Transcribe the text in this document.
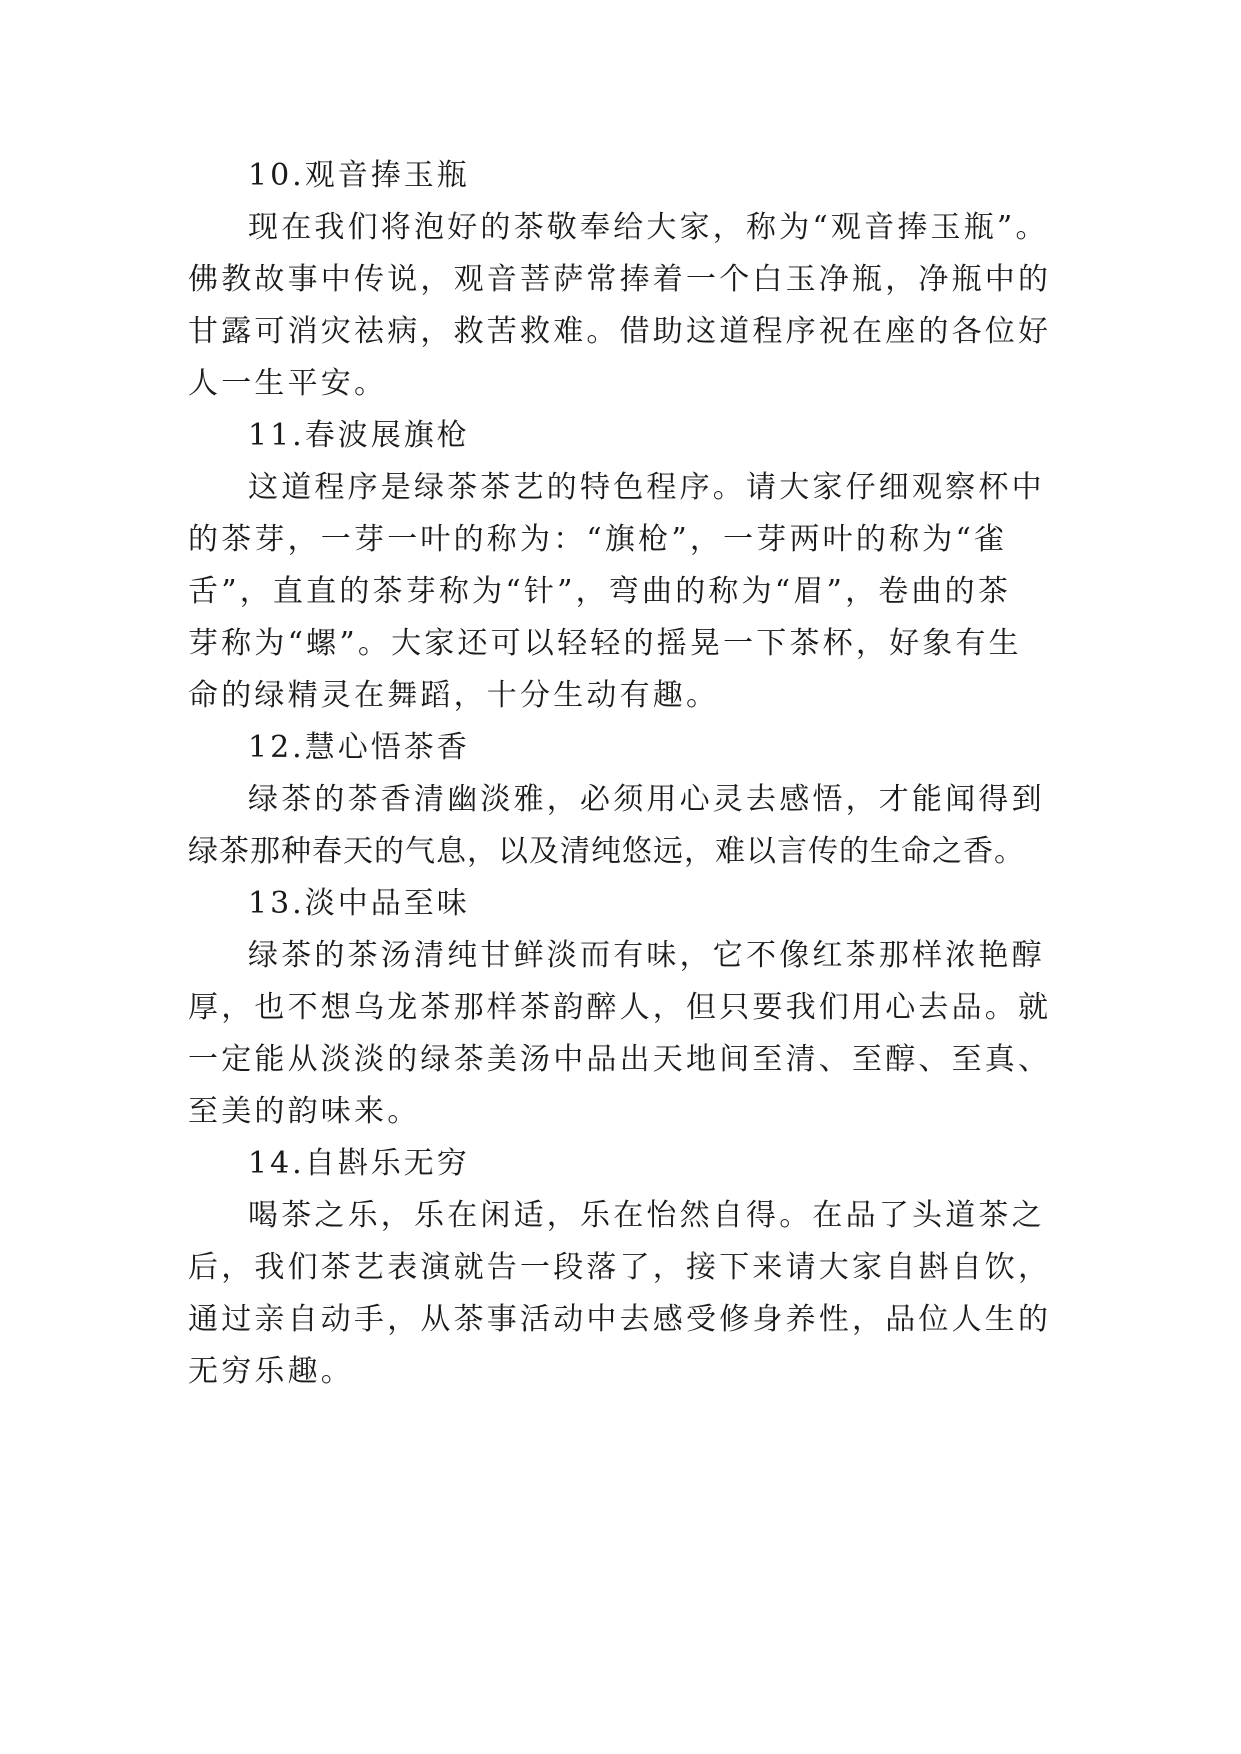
10.观音捧玉瓶
现在我们将泡好的茶敬奉给大家，称为“观音捧玉瓶”。
佛教故事中传说，观音菩萨常捧着一个白玉净瓶，净瓶中的
甘露可消灾祛病，救苦救难。借助这道程序祝在座的各位好
人一生平安。
11.春波展旗枪
这道程序是绿茶茶艺的特色程序。请大家仔细观察杯中
的茶芽，一芽一叶的称为：“旗枪”，一芽两叶的称为“雀
舌”，直直的茶芽称为“针”，弯曲的称为“眉”，卷曲的茶
芽称为“螺”。大家还可以轻轻的摇晃一下茶杯，好象有生
命的绿精灵在舞蹈，十分生动有趣。
12.慧心悟茶香
绿茶的茶香清幽淡雅，必须用心灵去感悟，才能闻得到
绿茶那种春天的气息，以及清纯悠远，难以言传的生命之香。
13.淡中品至味
绿茶的茶汤清纯甘鲜淡而有味，它不像红茶那样浓艳醇
厚，也不想乌龙茶那样茶韵醉人，但只要我们用心去品。就
一定能从淡淡的绿茶美汤中品出天地间至清、至醇、至真、
至美的韵味来。
14.自斟乐无穷
喝茶之乐，乐在闲适，乐在怡然自得。在品了头道茶之
后，我们茶艺表演就告一段落了，接下来请大家自斟自饮，
通过亲自动手，从茶事活动中去感受修身养性，品位人生的
无穷乐趣。
